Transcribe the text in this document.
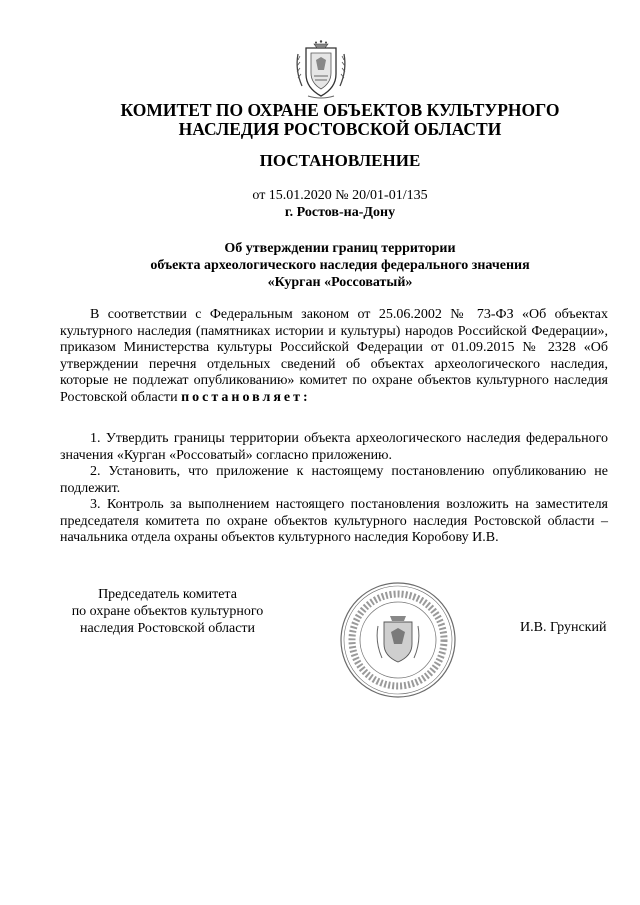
КОМИТЕТ ПО ОХРАНЕ ОБЪЕКТОВ КУЛЬТУРНОГО
НАСЛЕДИЯ РОСТОВСКОЙ ОБЛАСТИ

ПОСТАНОВЛЕНИЕ

от 15.01.2020 № 20/01-01/135

г. Ростов-на-Дону

Об утверждении границ территории
объекта археологического наследия федерального значения
«Курган «Россоватый»

В соответствии с Федеральным законом от 25.06.2002 № 73-ФЗ «Об объектах культурного наследия (памятниках истории и культуры) народов Российской Федерации», приказом Министерства культуры Российской Федерации от 01.09.2015 № 2328 «Об утверждении перечня отдельных сведений об объектах археологического наследия, которые не подлежат опубликованию» комитет по охране объектов культурного наследия Ростовской области постановляет:

1. Утвердить границы территории объекта археологического наследия федерального значения «Курган «Россоватый» согласно приложению.

2. Установить, что приложение к настоящему постановлению опубликованию не подлежит.

3. Контроль за выполнением настоящего постановления возложить на заместителя председателя комитета по охране объектов культурного наследия Ростовской области – начальника отдела охраны объектов культурного наследия Коробову И.В.

Председатель комитета
по охране объектов культурного
наследия Ростовской области	И.В. Грунский
